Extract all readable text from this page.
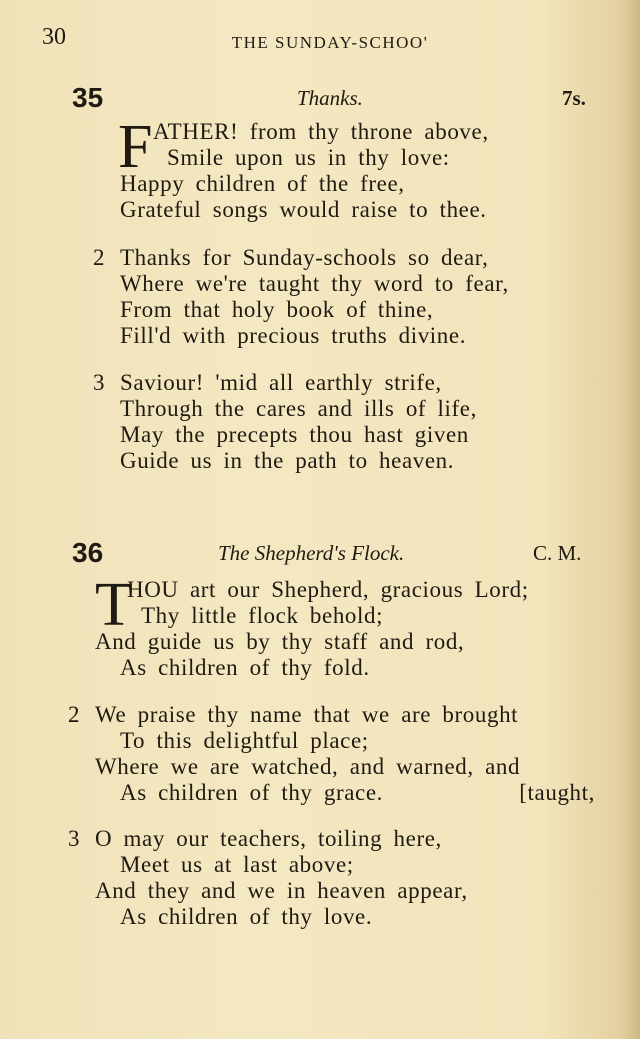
30	THE SUNDAY-SCHOO'
35	Thanks.	7s.
F ATHER! from thy throne above,
Smile upon us in thy love:
Happy children of the free,
Grateful songs would raise to thee.
2 Thanks for Sunday-schools so dear,
Where we're taught thy word to fear,
From that holy book of thine,
Fill'd with precious truths divine.
3 Saviour! 'mid all earthly strife,
Through the cares and ills of life,
May the precepts thou hast given
Guide us in the path to heaven.
36	The Shepherd's Flock.	C. M.
T
HOU art our Shepherd, gracious Lord;
Thy little flock behold;
And guide us by thy staff and rod,
As children of thy fold.
2 We praise thy name that we are brought
To this delightful place;
Where we are watched, and warned, and
As children of thy grace.	[taught,
3 O may our teachers, toiling here,
Meet us at last above;
And they and we in heaven appear,
As children of thy love.
